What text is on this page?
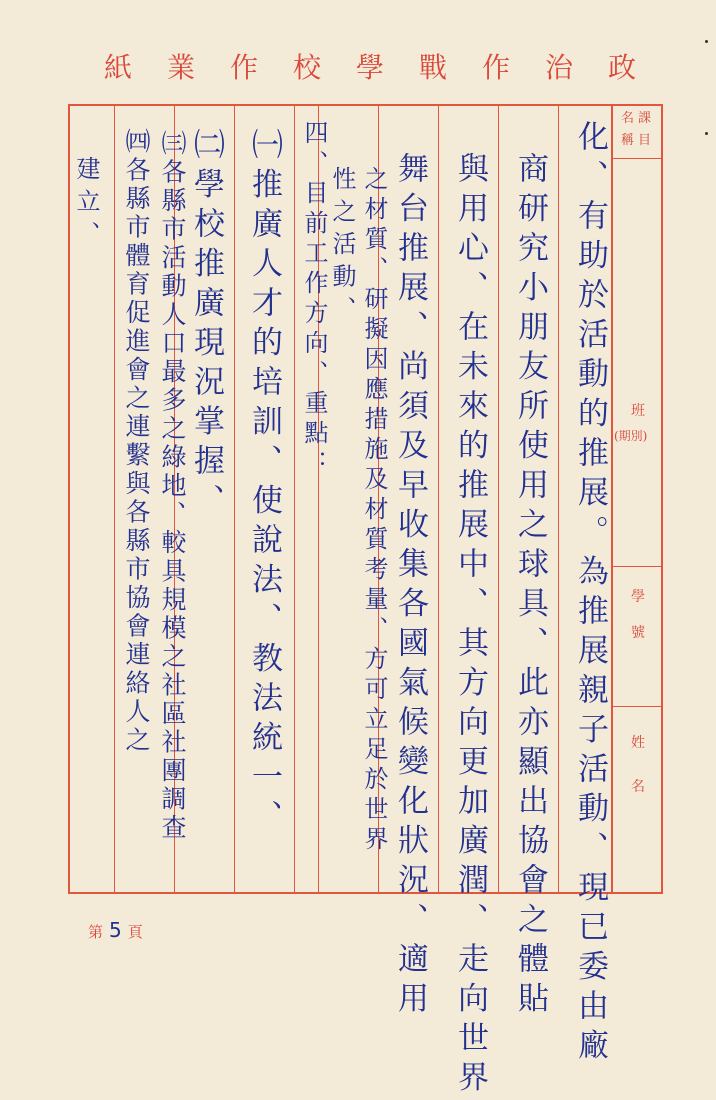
紙 業 作 校 學 戰 作 治 政
課
目
名
稱
班
(期別)
學
號
姓
名
化、有助於活動的推展。為推展親子活動、現已委由廠
商研究小朋友所使用之球具、此亦顯出協會之體貼
與用心、在未來的推展中、其方向更加廣潤、走向世界
舞台推展、尚須及早收集各國氣候變化狀況、適用
之材質、研擬因應措施及材質考量、方可立足於世界
性之活動、
四、目前工作方向、重點：
㈠推廣人才的培訓、使說法、教法統一、
㈡學校推廣現況掌握、
㈢各縣市活動人口最多之綠地、較具規模之社區社團調查
㈣各縣市體育促進會之連繫與各縣市協會連絡人之
建立、
第 5 頁
